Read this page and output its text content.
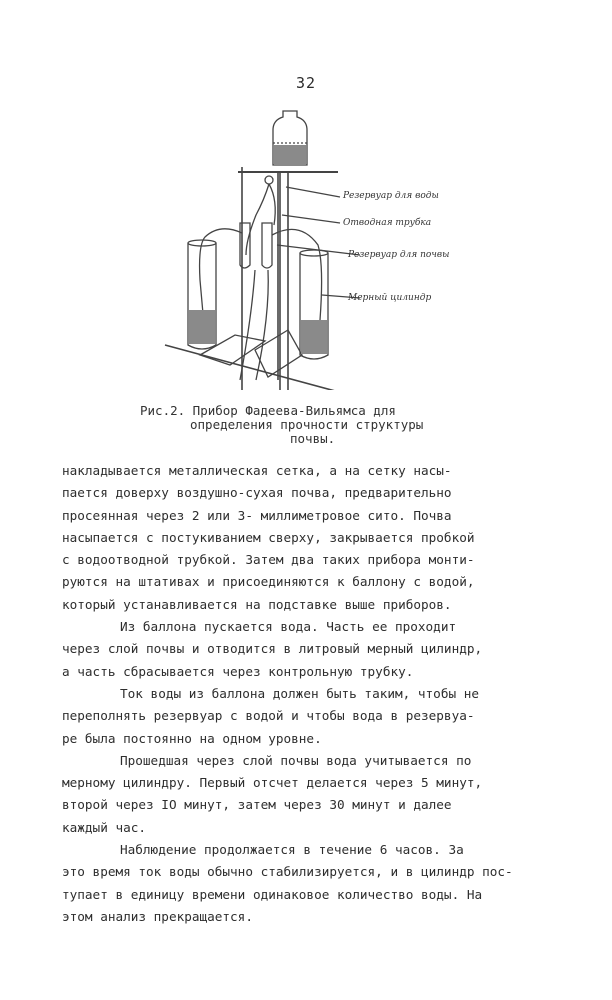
32
Резервуар для воды
Отводная трубка
Резервуар для почвы
Мерный цилиндр
Рис.2. Прибор Фадеева-Вильямса для
определения прочности структуры
почвы.
накладывается металлическая сетка, а на сетку насы-
пается доверху воздушно-сухая почва, предварительно
просеянная через 2 или 3- миллиметровое сито. Почва
насыпается с постукиванием сверху, закрывается пробкой
с водоотводной трубкой. Затем два таких прибора монти-
руются на штативах и присоединяются к баллону с водой,
который устанавливается на подставке выше приборов.
Из баллона пускается вода. Часть ее проходит
через слой почвы и отводится в литровый мерный цилиндр,
а часть сбрасывается через контрольную трубку.
Ток воды из баллона должен быть таким, чтобы не
переполнять резервуар с водой и чтобы вода в резервуа-
ре была постоянно на одном уровне.
Прошедшая через слой почвы вода учитывается по
мерному цилиндру. Первый отсчет делается через 5 минут,
второй через IO минут, затем через 30 минут и далее
каждый час.
Наблюдение продолжается в течение 6 часов. За
это время ток воды обычно стабилизируется, и в цилиндр пос-
тупает в единицу времени одинаковое количество воды. На
этом анализ прекращается.
